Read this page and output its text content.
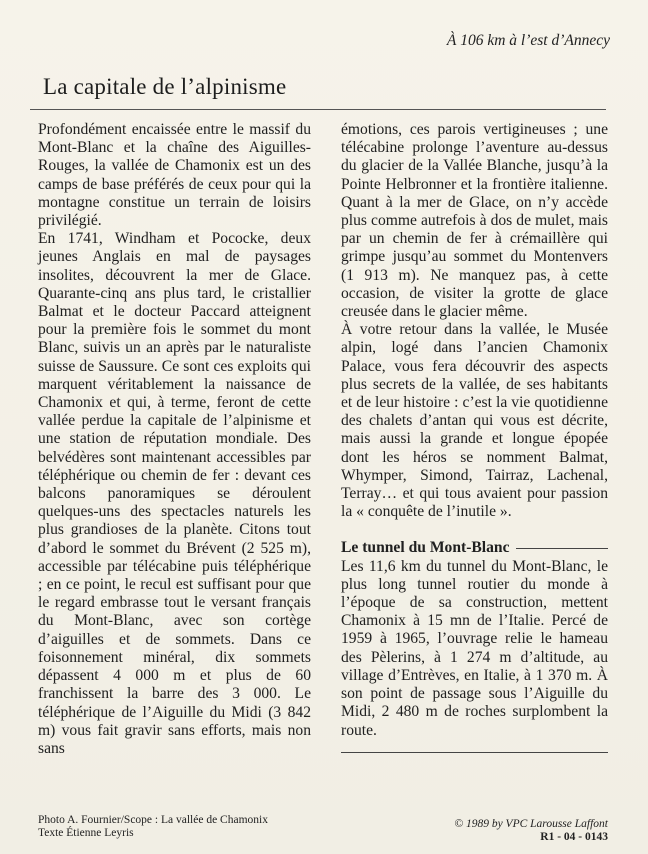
À 106 km à l’est d’Annecy
La capitale de l’alpinisme

Profondément encaissée entre le massif du Mont-Blanc et la chaîne des Aiguilles-Rouges, la vallée de Chamonix est un des camps de base préférés de ceux pour qui la montagne constitue un terrain de loisirs privilégié.

En 1741, Windham et Pococke, deux jeunes Anglais en mal de paysages insolites, découvrent la mer de Glace. Quarante-cinq ans plus tard, le cristallier Balmat et le docteur Paccard atteignent pour la première fois le sommet du mont Blanc, suivis un an après par le naturaliste suisse de Saussure. Ce sont ces exploits qui marquent véritablement la naissance de Chamonix et qui, à terme, feront de cette vallée perdue la capitale de l’alpinisme et une station de réputation mondiale. Des belvédères sont maintenant accessibles par téléphérique ou chemin de fer : devant ces balcons panoramiques se déroulent quelques-uns des spectacles naturels les plus grandioses de la planète. Citons tout d’abord le sommet du Brévent (2 525 m), accessible par télécabine puis téléphérique ; en ce point, le recul est suffisant pour que le regard embrasse tout le versant français du Mont-Blanc, avec son cortège d’aiguilles et de sommets. Dans ce foisonnement minéral, dix sommets dépassent 4 000 m et plus de 60 franchissent la barre des 3 000. Le téléphérique de l’Aiguille du Midi (3 842 m) vous fait gravir sans efforts, mais non sans

émotions, ces parois vertigineuses ; une télécabine prolonge l’aventure au-dessus du glacier de la Vallée Blanche, jusqu’à la Pointe Helbronner et la frontière italienne. Quant à la mer de Glace, on n’y accède plus comme autrefois à dos de mulet, mais par un chemin de fer à crémaillère qui grimpe jusqu’au sommet du Montenvers (1 913 m). Ne manquez pas, à cette occasion, de visiter la grotte de glace creusée dans le glacier même.

À votre retour dans la vallée, le Musée alpin, logé dans l’ancien Chamonix Palace, vous fera découvrir des aspects plus secrets de la vallée, de ses habitants et de leur histoire : c’est la vie quotidienne des chalets d’antan qui vous est décrite, mais aussi la grande et longue épopée dont les héros se nomment Balmat, Whymper, Simond, Tairraz, Lachenal, Terray… et qui tous avaient pour passion la « conquête de l’inutile ».

Le tunnel du Mont-Blanc

Les 11,6 km du tunnel du Mont-Blanc, le plus long tunnel routier du monde à l’époque de sa construction, mettent Chamonix à 15 mn de l’Italie. Percé de 1959 à 1965, l’ouvrage relie le hameau des Pèlerins, à 1 274 m d’altitude, au village d’Entrèves, en Italie, à 1 370 m. À son point de passage sous l’Aiguille du Midi, 2 480 m de roches surplombent la route.

Photo A. Fournier/Scope : La vallée de Chamonix
Texte Étienne Leyris
© 1989 by VPC Larousse Laffont
R1 - 04 - 0143
